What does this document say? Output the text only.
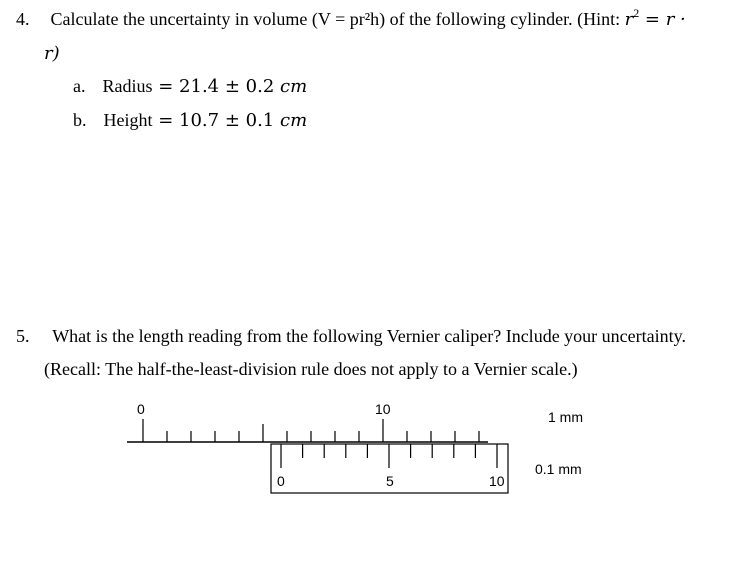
4. Calculate the uncertainty in volume (V = pr²h) of the following cylinder. (Hint: $r^2 = r$ ·
r)
a. Radius = 21.4 ± 0.2 cm
b. Height = 10.7 ± 0.1 cm
5. What is the length reading from the following Vernier caliper? Include your uncertainty.
(Recall: The half-the-least-division rule does not apply to a Vernier scale.)
0	10	1 mm
0	5	10
0.1 mm
